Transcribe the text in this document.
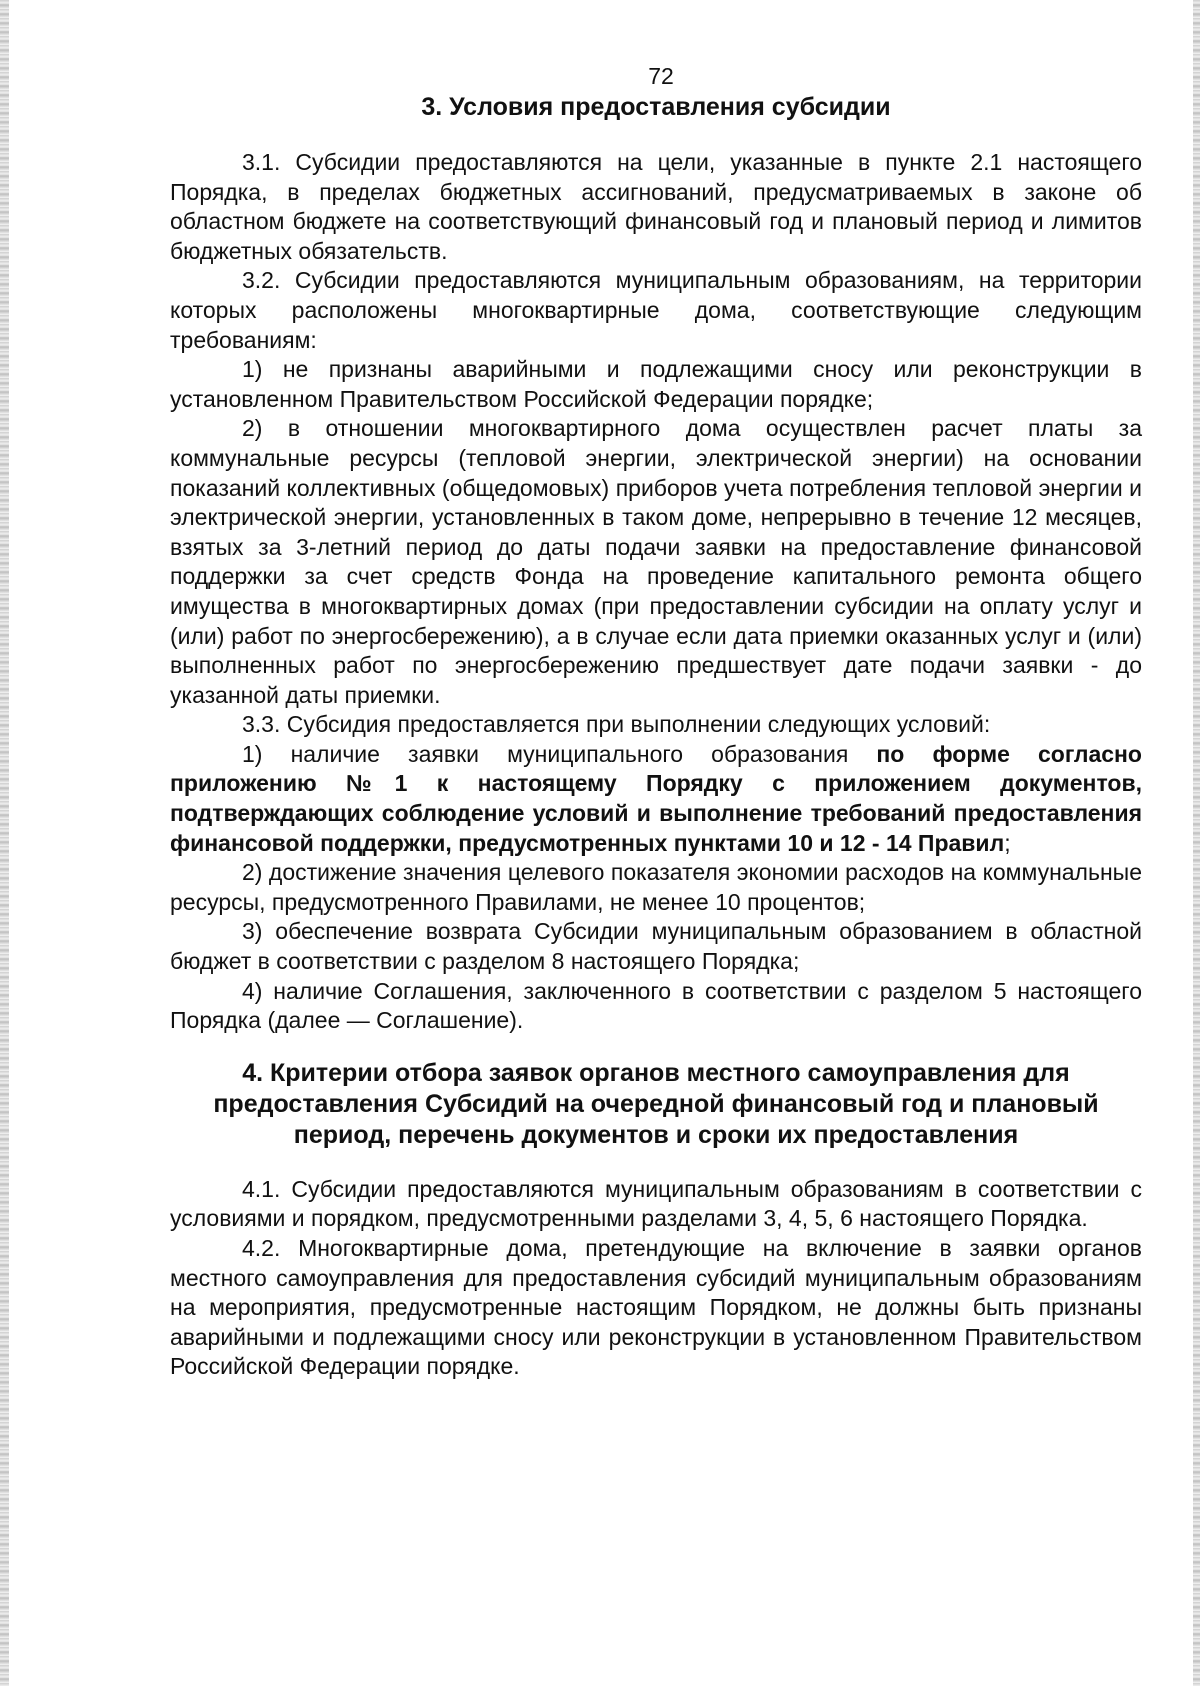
72
3. Условия предоставления субсидии

3.1. Субсидии предоставляются на цели, указанные в пункте 2.1 настоящего Порядка, в пределах бюджетных ассигнований, предусматриваемых в законе об областном бюджете на соответствующий финансовый год и плановый период и лимитов бюджетных обязательств.

3.2. Субсидии предоставляются муниципальным образованиям, на территории которых расположены многоквартирные дома, соответствующие следующим требованиям:

1) не признаны аварийными и подлежащими сносу или реконструкции в установленном Правительством Российской Федерации порядке;

2) в отношении многоквартирного дома осуществлен расчет платы за коммунальные ресурсы (тепловой энергии, электрической энергии) на основании показаний коллективных (общедомовых) приборов учета потребления тепловой энергии и электрической энергии, установленных в таком доме, непрерывно в течение 12 месяцев, взятых за 3-летний период до даты подачи заявки на предоставление финансовой поддержки за счет средств Фонда на проведение капитального ремонта общего имущества в многоквартирных домах (при предоставлении субсидии на оплату услуг и (или) работ по энергосбережению), а в случае если дата приемки оказанных услуг и (или) выполненных работ по энергосбережению предшествует дате подачи заявки - до указанной даты приемки.

3.3. Субсидия предоставляется при выполнении следующих условий:

1) наличие заявки муниципального образования по форме согласно приложению №1 к настоящему Порядку с приложением документов, подтверждающих соблюдение условий и выполнение требований предоставления финансовой поддержки, предусмотренных пунктами 10 и 12 - 14 Правил;

2) достижение значения целевого показателя экономии расходов на коммунальные ресурсы, предусмотренного Правилами, не менее 10 процентов;

3) обеспечение возврата Субсидии муниципальным образованием в областной бюджет в соответствии с разделом 8 настоящего Порядка;

4) наличие Соглашения, заключенного в соответствии с разделом 5 настоящего Порядка (далее — Соглашение).

4. Критерии отбора заявок органов местного самоуправления для
предоставления Субсидий на очередной финансовый год и плановый
период, перечень документов и сроки их предоставления

4.1. Субсидии предоставляются муниципальным образованиям в соответствии с условиями и порядком, предусмотренными разделами 3, 4, 5, 6 настоящего Порядка.

4.2. Многоквартирные дома, претендующие на включение в заявки органов местного самоуправления для предоставления субсидий муниципальным образованиям на мероприятия, предусмотренные настоящим Порядком, не должны быть признаны аварийными и подлежащими сносу или реконструкции в установленном Правительством Российской Федерации порядке.
